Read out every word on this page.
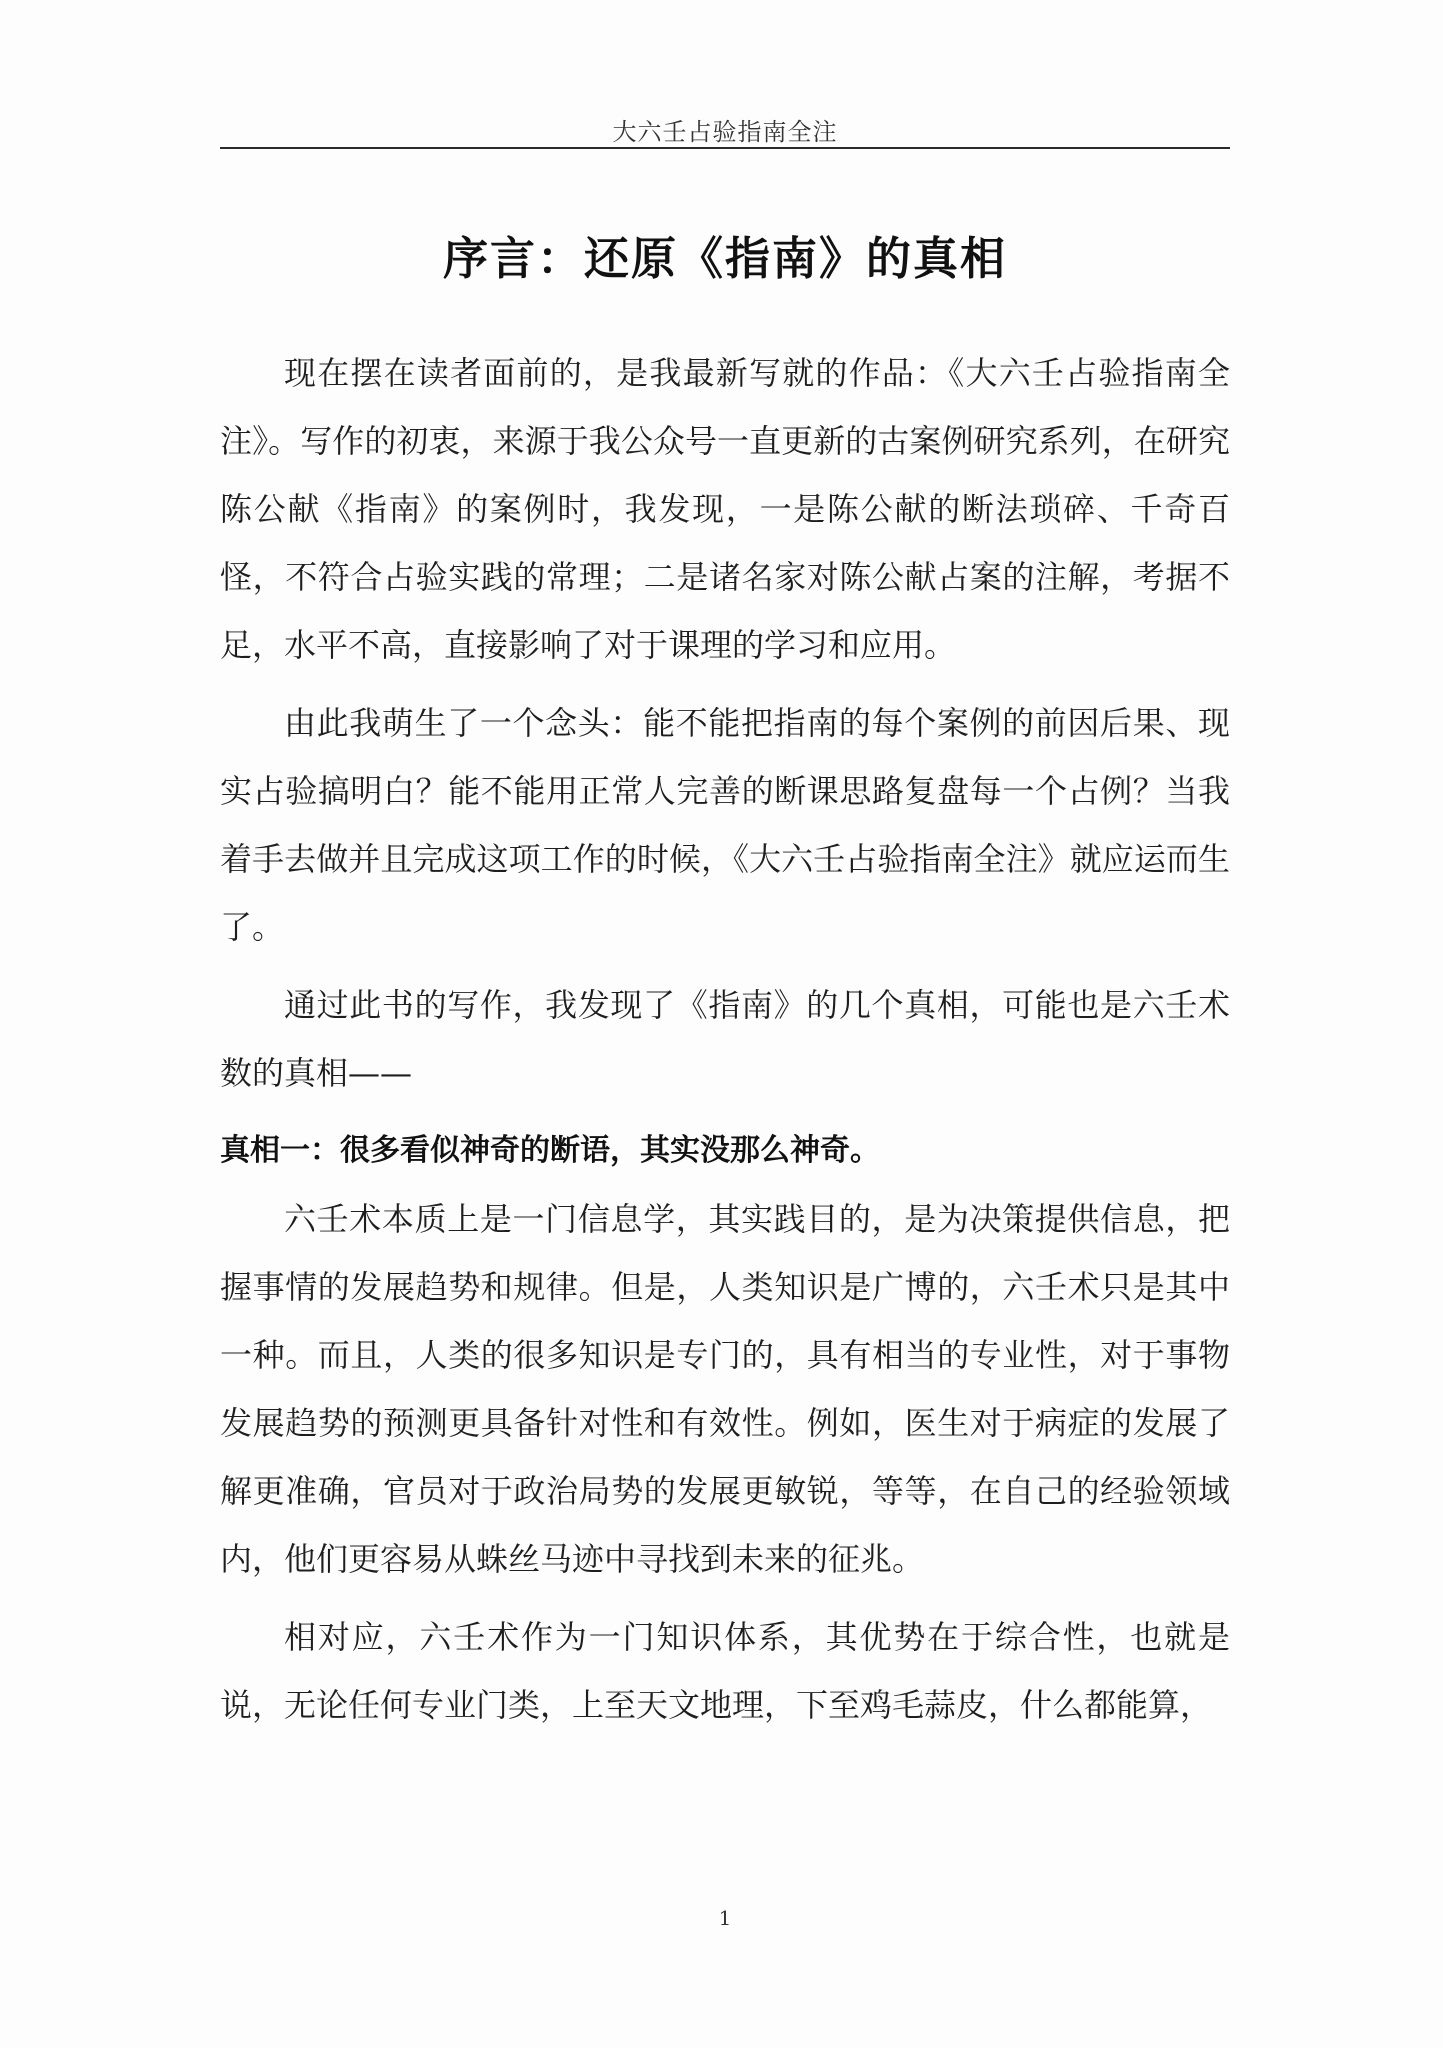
大六壬占验指南全注
序言：还原《指南》的真相

现在摆在读者面前的，是我最新写就的作品：《大六壬占验指南全注》。写作的初衷，来源于我公众号一直更新的古案例研究系列，在研究陈公献《指南》的案例时，我发现，一是陈公献的断法琐碎、千奇百怪，不符合占验实践的常理；二是诸名家对陈公献占案的注解，考据不足，水平不高，直接影响了对于课理的学习和应用。

由此我萌生了一个念头：能不能把指南的每个案例的前因后果、现实占验搞明白？能不能用正常人完善的断课思路复盘每一个占例？当我着手去做并且完成这项工作的时候，《大六壬占验指南全注》就应运而生了。

通过此书的写作，我发现了《指南》的几个真相，可能也是六壬术数的真相——

真相一：很多看似神奇的断语，其实没那么神奇。

六壬术本质上是一门信息学，其实践目的，是为决策提供信息，把握事情的发展趋势和规律。但是，人类知识是广博的，六壬术只是其中一种。而且，人类的很多知识是专门的，具有相当的专业性，对于事物发展趋势的预测更具备针对性和有效性。例如，医生对于病症的发展了解更准确，官员对于政治局势的发展更敏锐，等等，在自己的经验领域内，他们更容易从蛛丝马迹中寻找到未来的征兆。

相对应，六壬术作为一门知识体系，其优势在于综合性，也就是说，无论任何专业门类，上至天文地理，下至鸡毛蒜皮，什么都能算，

1
